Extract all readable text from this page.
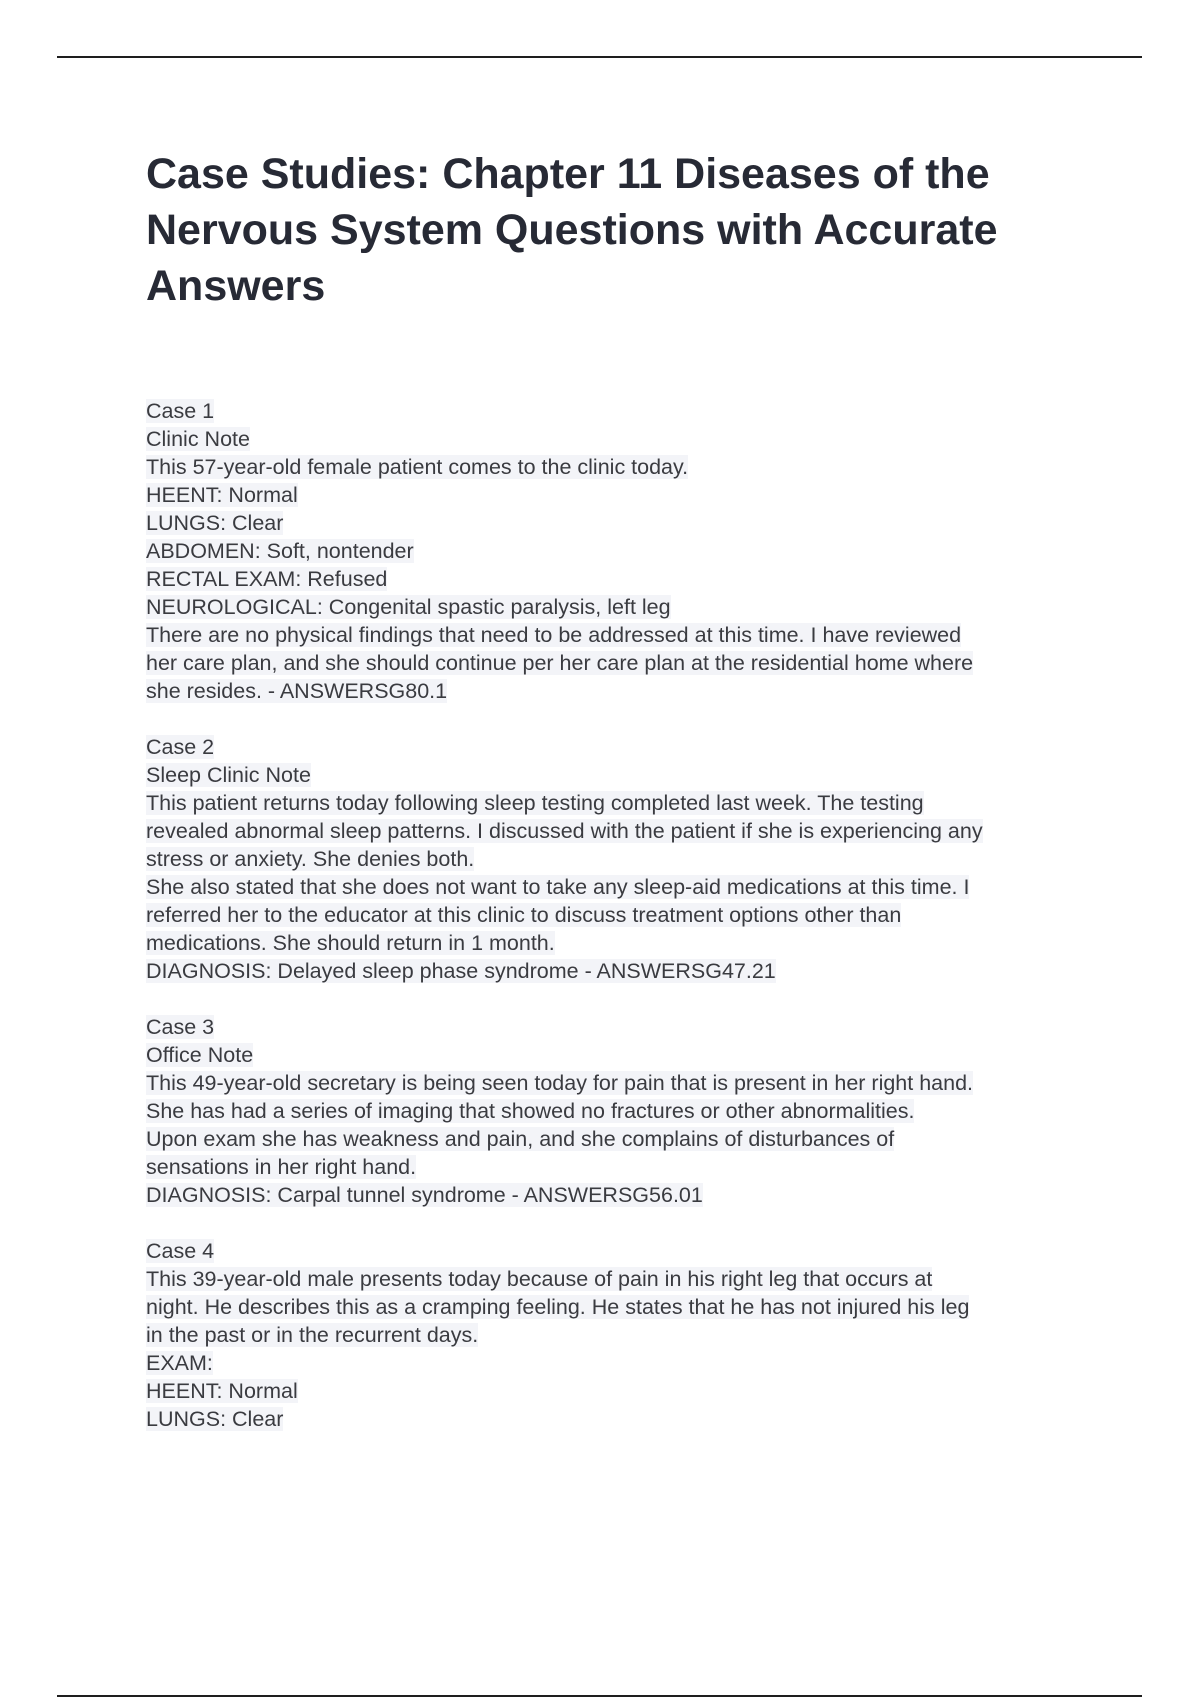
Case Studies: Chapter 11 Diseases of the Nervous System Questions with Accurate Answers
Case 1
Clinic Note
This 57-year-old female patient comes to the clinic today.
HEENT: Normal
LUNGS: Clear
ABDOMEN: Soft, nontender
RECTAL EXAM: Refused
NEUROLOGICAL: Congenital spastic paralysis, left leg
There are no physical findings that need to be addressed at this time. I have reviewed
her care plan, and she should continue per her care plan at the residential home where
she resides. - ANSWERSG80.1
Case 2
Sleep Clinic Note
This patient returns today following sleep testing completed last week. The testing
revealed abnormal sleep patterns. I discussed with the patient if she is experiencing any
stress or anxiety. She denies both.
She also stated that she does not want to take any sleep-aid medications at this time. I
referred her to the educator at this clinic to discuss treatment options other than
medications. She should return in 1 month.
DIAGNOSIS: Delayed sleep phase syndrome - ANSWERSG47.21
Case 3
Office Note
This 49-year-old secretary is being seen today for pain that is present in her right hand.
She has had a series of imaging that showed no fractures or other abnormalities.
Upon exam she has weakness and pain, and she complains of disturbances of
sensations in her right hand.
DIAGNOSIS: Carpal tunnel syndrome - ANSWERSG56.01
Case 4
This 39-year-old male presents today because of pain in his right leg that occurs at
night. He describes this as a cramping feeling. He states that he has not injured his leg
in the past or in the recurrent days.
EXAM:
HEENT: Normal
LUNGS: Clear
